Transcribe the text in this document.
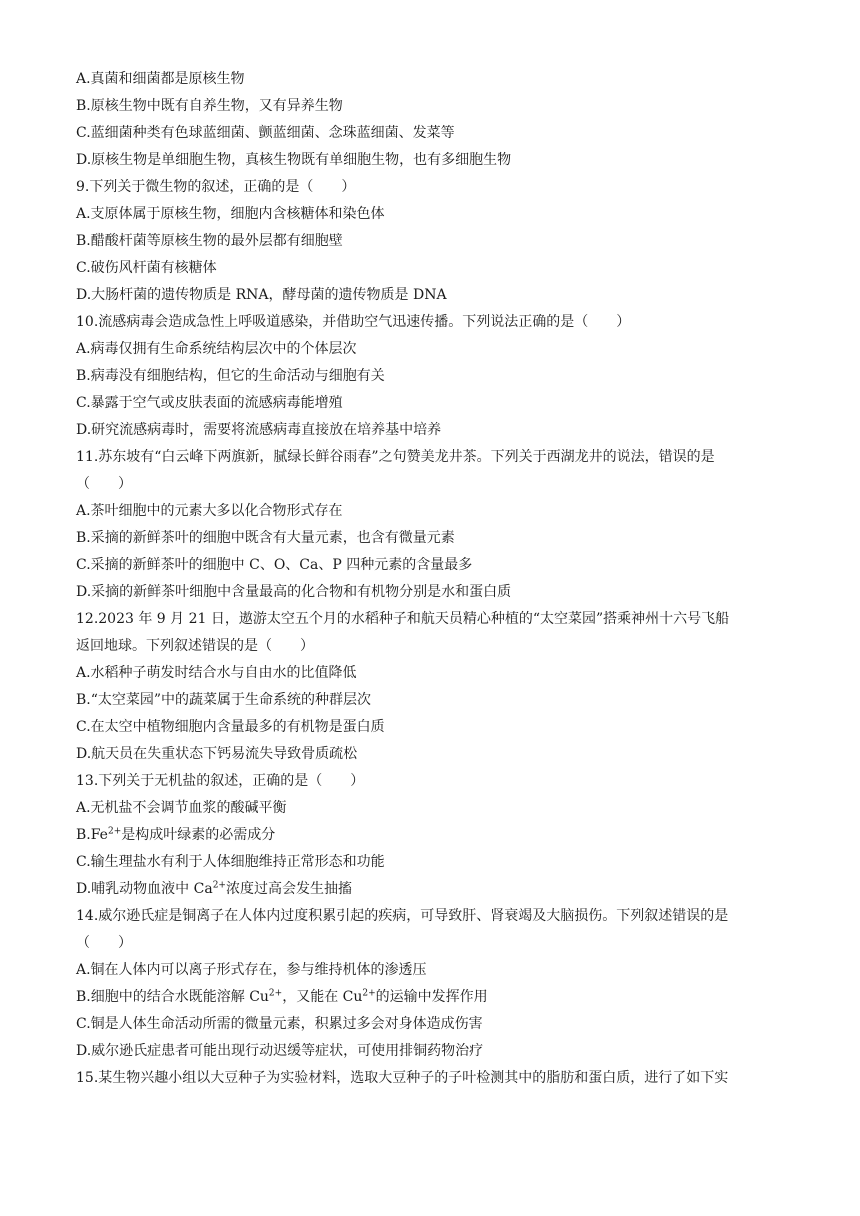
A.真菌和细菌都是原核生物
B.原核生物中既有自养生物，又有异养生物
C.蓝细菌种类有色球蓝细菌、颤蓝细菌、念珠蓝细菌、发菜等
D.原核生物是单细胞生物，真核生物既有单细胞生物，也有多细胞生物
9.下列关于微生物的叙述，正确的是（　　）
A.支原体属于原核生物，细胞内含核糖体和染色体
B.醋酸杆菌等原核生物的最外层都有细胞壁
C.破伤风杆菌有核糖体
D.大肠杆菌的遗传物质是 RNA，酵母菌的遗传物质是 DNA
10.流感病毒会造成急性上呼吸道感染，并借助空气迅速传播。下列说法正确的是（　　）
A.病毒仅拥有生命系统结构层次中的个体层次
B.病毒没有细胞结构，但它的生命活动与细胞有关
C.暴露于空气或皮肤表面的流感病毒能增殖
D.研究流感病毒时，需要将流感病毒直接放在培养基中培养
11.苏东坡有“白云峰下两旗新，腻绿长鲜谷雨春”之句赞美龙井茶。下列关于西湖龙井的说法，错误的是
（　　）
A.茶叶细胞中的元素大多以化合物形式存在
B.采摘的新鲜茶叶的细胞中既含有大量元素，也含有微量元素
C.采摘的新鲜茶叶的细胞中 C、O、Ca、P 四种元素的含量最多
D.采摘的新鲜茶叶细胞中含量最高的化合物和有机物分别是水和蛋白质
12.2023 年 9 月 21 日，遨游太空五个月的水稻种子和航天员精心种植的“太空菜园”搭乘神州十六号飞船
返回地球。下列叙述错误的是（　　）
A.水稻种子萌发时结合水与自由水的比值降低
B.“太空菜园”中的蔬菜属于生命系统的种群层次
C.在太空中植物细胞内含量最多的有机物是蛋白质
D.航天员在失重状态下钙易流失导致骨质疏松
13.下列关于无机盐的叙述，正确的是（　　）
A.无机盐不会调节血浆的酸碱平衡
$B.Fe^{2+}$是构成叶绿素的必需成分
C.输生理盐水有利于人体细胞维持正常形态和功能
D.哺乳动物血液中 $Ca^{2+}$浓度过高会发生抽搐
14.威尔逊氏症是铜离子在人体内过度积累引起的疾病，可导致肝、肾衰竭及大脑损伤。下列叙述错误的是
（　　）
A.铜在人体内可以离子形式存在，参与维持机体的渗透压
B.细胞中的结合水既能溶解 $Cu^{2+}$，又能在 $Cu^{2+}$的运输中发挥作用
C.铜是人体生命活动所需的微量元素，积累过多会对身体造成伤害
D.威尔逊氏症患者可能出现行动迟缓等症状，可使用排铜药物治疗
15.某生物兴趣小组以大豆种子为实验材料，选取大豆种子的子叶检测其中的脂肪和蛋白质，进行了如下实
